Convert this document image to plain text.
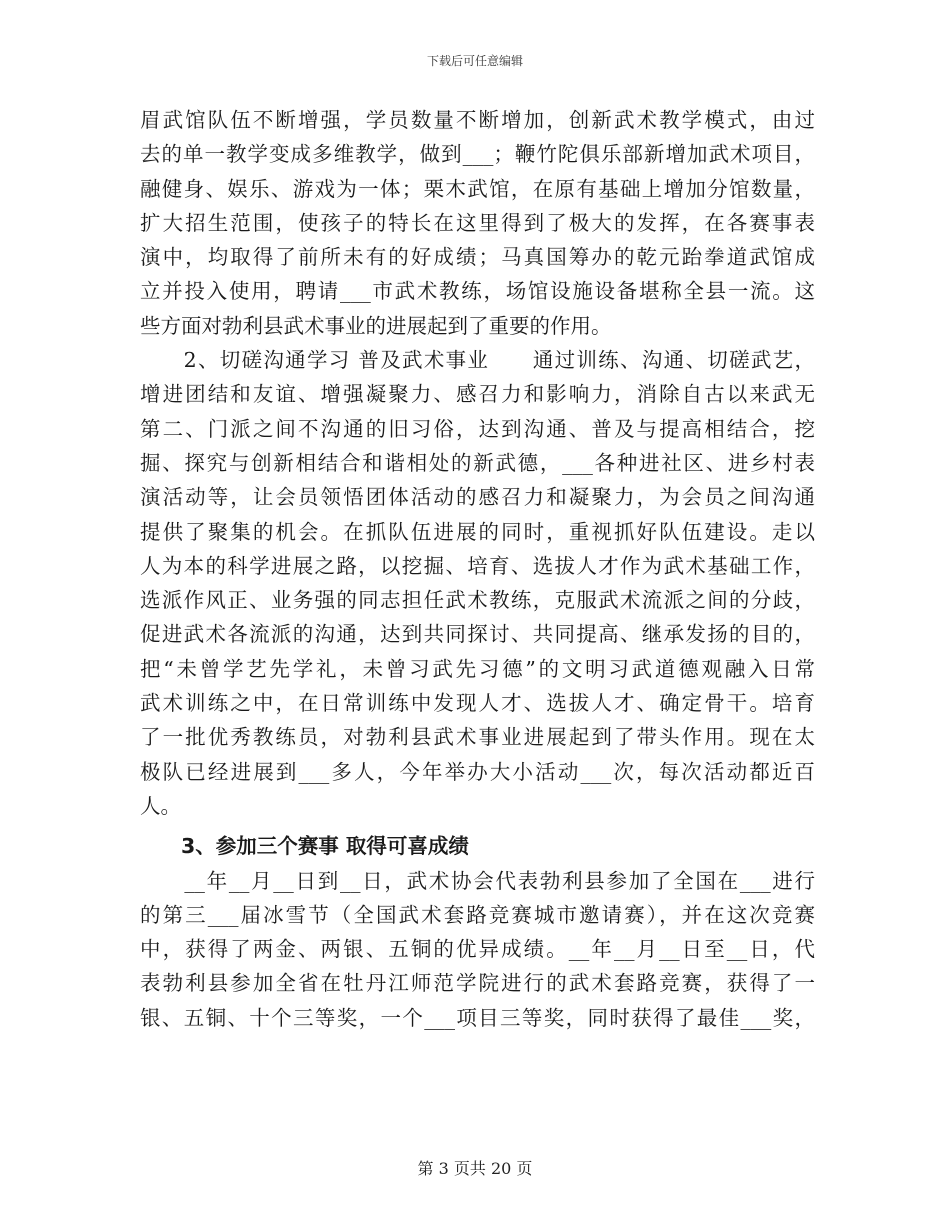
下载后可任意编辑
眉武馆队伍不断增强，学员数量不断增加，创新武术教学模式，由过
去的单一教学变成多维教学，做到___；鞭竹陀俱乐部新增加武术项目，
融健身、娱乐、游戏为一体；栗木武馆，在原有基础上增加分馆数量，
扩大招生范围，使孩子的特长在这里得到了极大的发挥，在各赛事表
演中，均取得了前所未有的好成绩；马真国筹办的乾元跆拳道武馆成
立并投入使用，聘请___市武术教练，场馆设施设备堪称全县一流。这
些方面对勃利县武术事业的进展起到了重要的作用。
　　2、切磋沟通学习 普及武术事业　　通过训练、沟通、切磋武艺，
增进团结和友谊、增强凝聚力、感召力和影响力，消除自古以来武无
第二、门派之间不沟通的旧习俗，达到沟通、普及与提高相结合，挖
掘、探究与创新相结合和谐相处的新武德，___各种进社区、进乡村表
演活动等，让会员领悟团体活动的感召力和凝聚力，为会员之间沟通
提供了聚集的机会。在抓队伍进展的同时，重视抓好队伍建设。走以
人为本的科学进展之路，以挖掘、培育、选拔人才作为武术基础工作，
选派作风正、业务强的同志担任武术教练，克服武术流派之间的分歧，
促进武术各流派的沟通，达到共同探讨、共同提高、继承发扬的目的，
把“未曾学艺先学礼，未曾习武先习德”的文明习武道德观融入日常
武术训练之中，在日常训练中发现人才、选拔人才、确定骨干。培育
了一批优秀教练员，对勃利县武术事业进展起到了带头作用。现在太
极队已经进展到___多人，今年举办大小活动___次，每次活动都近百
人。
　　3、参加三个赛事 取得可喜成绩
　　__年__月__日到__日，武术协会代表勃利县参加了全国在___进行
的第三___届冰雪节（全国武术套路竞赛城市邀请赛），并在这次竞赛
中，获得了两金、两银、五铜的优异成绩。__年__月__日至__日，代
表勃利县参加全省在牡丹江师范学院进行的武术套路竞赛，获得了一
银、五铜、十个三等奖，一个___项目三等奖，同时获得了最佳___奖，
第 3 页共 20 页
